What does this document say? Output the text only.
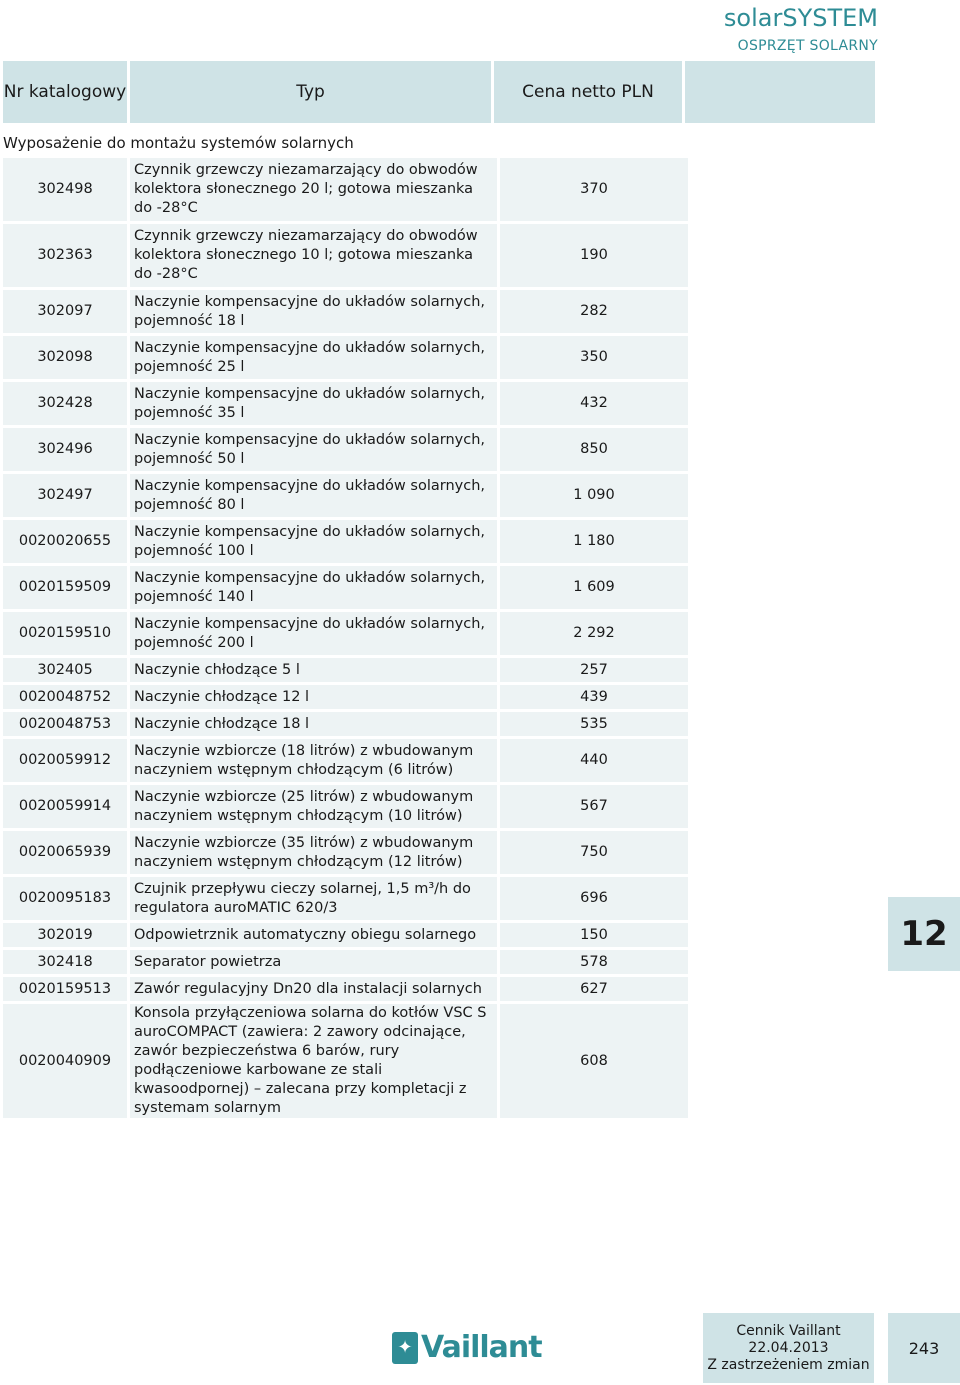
solarSYSTEM
OSPRZĘT SOLARNY
Nr katalogowy	Typ	Cena netto PLN
Wyposażenie do montażu systemów solarnych
302498	Czynnik grzewczy niezamarzający do obwodów kolektora słonecznego 20 l; gotowa mieszanka do -28°C	370
302363	Czynnik grzewczy niezamarzający do obwodów kolektora słonecznego 10 l; gotowa mieszanka do -28°C	190
302097	Naczynie kompensacyjne do układów solarnych, pojemność 18 l	282
302098	Naczynie kompensacyjne do układów solarnych, pojemność 25 l	350
302428	Naczynie kompensacyjne do układów solarnych, pojemność 35 l	432
302496	Naczynie kompensacyjne do układów solarnych, pojemność 50 l	850
302497	Naczynie kompensacyjne do układów solarnych, pojemność 80 l	1 090
0020020655	Naczynie kompensacyjne do układów solarnych, pojemność 100 l	1 180
0020159509	Naczynie kompensacyjne do układów solarnych, pojemność 140 l	1 609
0020159510	Naczynie kompensacyjne do układów solarnych, pojemność 200 l	2 292
302405	Naczynie chłodzące 5 l	257
0020048752	Naczynie chłodzące 12 l	439
0020048753	Naczynie chłodzące 18 l	535
0020059912	Naczynie wzbiorcze (18 litrów) z wbudowanym naczyniem wstępnym chłodzącym (6 litrów)	440
0020059914	Naczynie wzbiorcze (25 litrów) z wbudowanym naczyniem wstępnym chłodzącym (10 litrów)	567
0020065939	Naczynie wzbiorcze (35 litrów) z wbudowanym naczyniem wstępnym chłodzącym (12 litrów)	750
0020095183	Czujnik przepływu cieczy solarnej, 1,5 m³/h do regulatora auroMATIC 620/3	696
302019	Odpowietrznik automatyczny obiegu solarnego	150
302418	Separator powietrza	578
0020159513	Zawór regulacyjny Dn20 dla instalacji solarnych	627
0020040909	Konsola przyłączeniowa solarna do kotłów VSC S auroCOMPACT (zawiera: 2 zawory odcinające, zawór bezpieczeństwa 6 barów, rury podłączeniowe karbowane ze stali kwasoodpornej) – zalecana przy kompletacji z systemam solarnym	608
12
✦ Vaillant	Cennik Vaillant
22.04.2013
Z zastrzeżeniem zmian
243
